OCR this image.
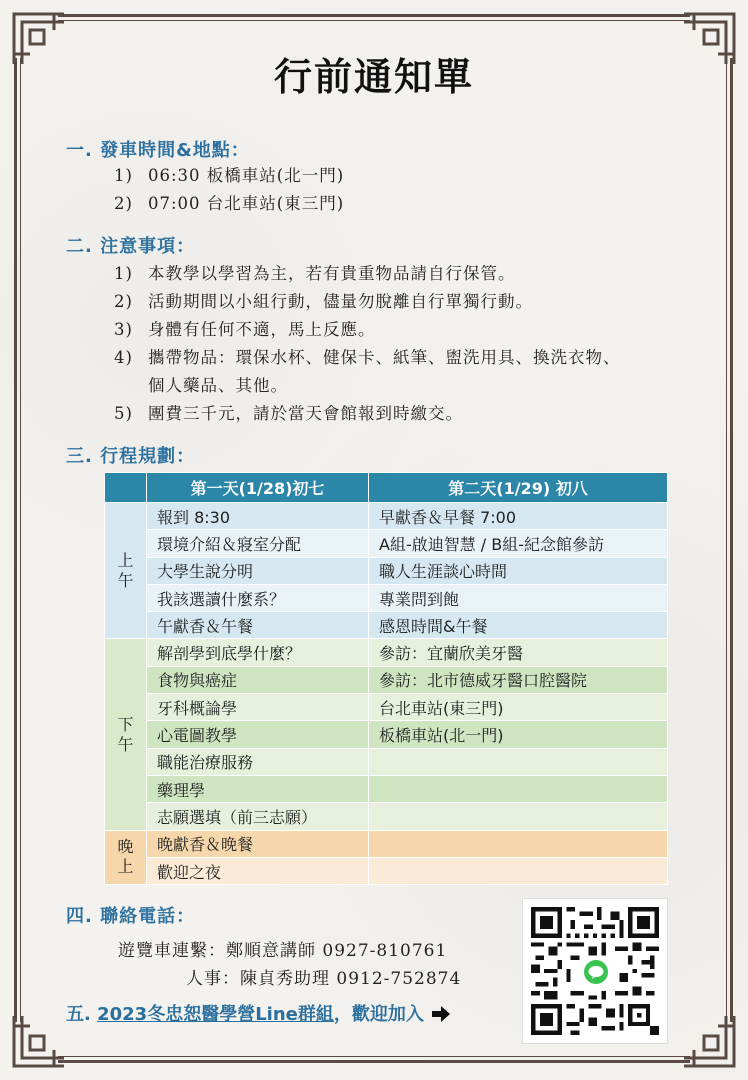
行前通知單
一. 發車時間&地點：
1) 06:30 板橋車站(北一門)
2) 07:00 台北車站(東三門)
二. 注意事項：
1) 本教學以學習為主，若有貴重物品請自行保管。
2) 活動期間以小組行動，儘量勿脫離自行單獨行動。
3) 身體有任何不適，馬上反應。
4) 攜帶物品：環保水杯、健保卡、紙筆、盥洗用具、換洗衣物、
個人藥品、其他。
5) 團費三千元，請於當天會館報到時繳交。
三. 行程規劃：
	第一天(1/28)初七	第二天(1/29) 初八
上
午	報到 8:30	早獻香＆早餐 7:00
	環境介紹＆寢室分配	A組-啟迪智慧 / B組-紀念館參訪
	大學生說分明	職人生涯談心時間
	我該選讀什麼系？	專業問到飽
	午獻香＆午餐	感恩時間&午餐
下
午	解剖學到底學什麼？	參訪：宜蘭欣美牙醫
	食物與癌症	參訪：北市德威牙醫口腔醫院
	牙科概論學	台北車站(東三門)
	心電圖教學	板橋車站(北一門)
	職能治療服務	
	藥理學	
	志願選填（前三志願）	
晚
上	晚獻香＆晚餐	
	歡迎之夜	
四. 聯絡電話：
遊覽車連繫：鄭順意講師 0927-810761
人事：陳貞秀助理 0912-752874
五. 2023冬忠恕醫學營Line群組，歡迎加入
